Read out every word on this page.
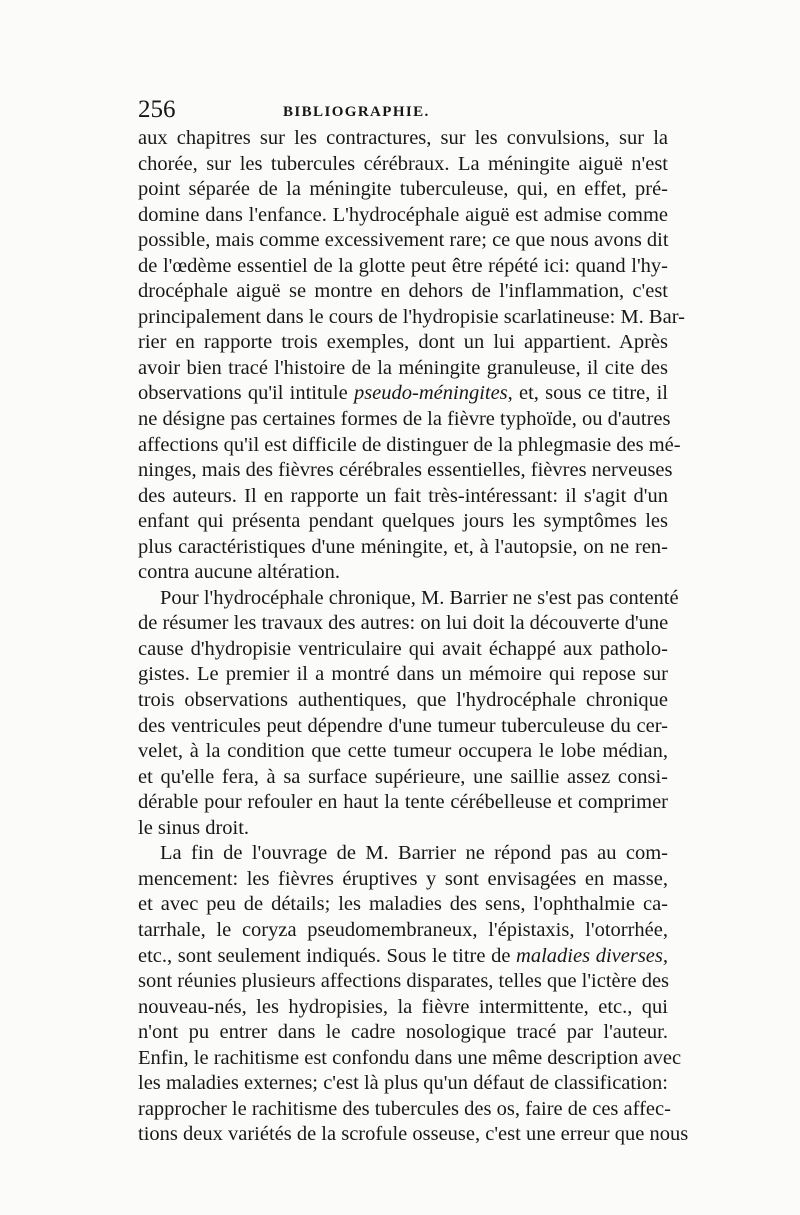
256	BIBLIOGRAPHIE.
aux chapitres sur les contractures, sur les convulsions, sur la
chorée, sur les tubercules cérébraux. La méningite aiguë n'est
point séparée de la méningite tuberculeuse, qui, en effet, pré-
domine dans l'enfance. L'hydrocéphale aiguë est admise comme
possible, mais comme excessivement rare; ce que nous avons dit
de l'œdème essentiel de la glotte peut être répété ici: quand l'hy-
drocéphale aiguë se montre en dehors de l'inflammation, c'est
principalement dans le cours de l'hydropisie scarlatineuse: M. Bar-
rier en rapporte trois exemples, dont un lui appartient. Après
avoir bien tracé l'histoire de la méningite granuleuse, il cite des
observations qu'il intitule pseudo-méningites, et, sous ce titre, il
ne désigne pas certaines formes de la fièvre typhoïde, ou d'autres
affections qu'il est difficile de distinguer de la phlegmasie des mé-
ninges, mais des fièvres cérébrales essentielles, fièvres nerveuses
des auteurs. Il en rapporte un fait très-intéressant: il s'agit d'un
enfant qui présenta pendant quelques jours les symptômes les
plus caractéristiques d'une méningite, et, à l'autopsie, on ne ren-
contra aucune altération.
Pour l'hydrocéphale chronique, M. Barrier ne s'est pas contenté
de résumer les travaux des autres: on lui doit la découverte d'une
cause d'hydropisie ventriculaire qui avait échappé aux patholo-
gistes. Le premier il a montré dans un mémoire qui repose sur
trois observations authentiques, que l'hydrocéphale chronique
des ventricules peut dépendre d'une tumeur tuberculeuse du cer-
velet, à la condition que cette tumeur occupera le lobe médian,
et qu'elle fera, à sa surface supérieure, une saillie assez consi-
dérable pour refouler en haut la tente cérébelleuse et comprimer
le sinus droit.
La fin de l'ouvrage de M. Barrier ne répond pas au com-
mencement: les fièvres éruptives y sont envisagées en masse,
et avec peu de détails; les maladies des sens, l'ophthalmie ca-
tarrhale, le coryza pseudomembraneux, l'épistaxis, l'otorrhée,
etc., sont seulement indiqués. Sous le titre de maladies diverses,
sont réunies plusieurs affections disparates, telles que l'ictère des
nouveau-nés, les hydropisies, la fièvre intermittente, etc., qui
n'ont pu entrer dans le cadre nosologique tracé par l'auteur.
Enfin, le rachitisme est confondu dans une même description avec
les maladies externes; c'est là plus qu'un défaut de classification:
rapprocher le rachitisme des tubercules des os, faire de ces affec-
tions deux variétés de la scrofule osseuse, c'est une erreur que nous
